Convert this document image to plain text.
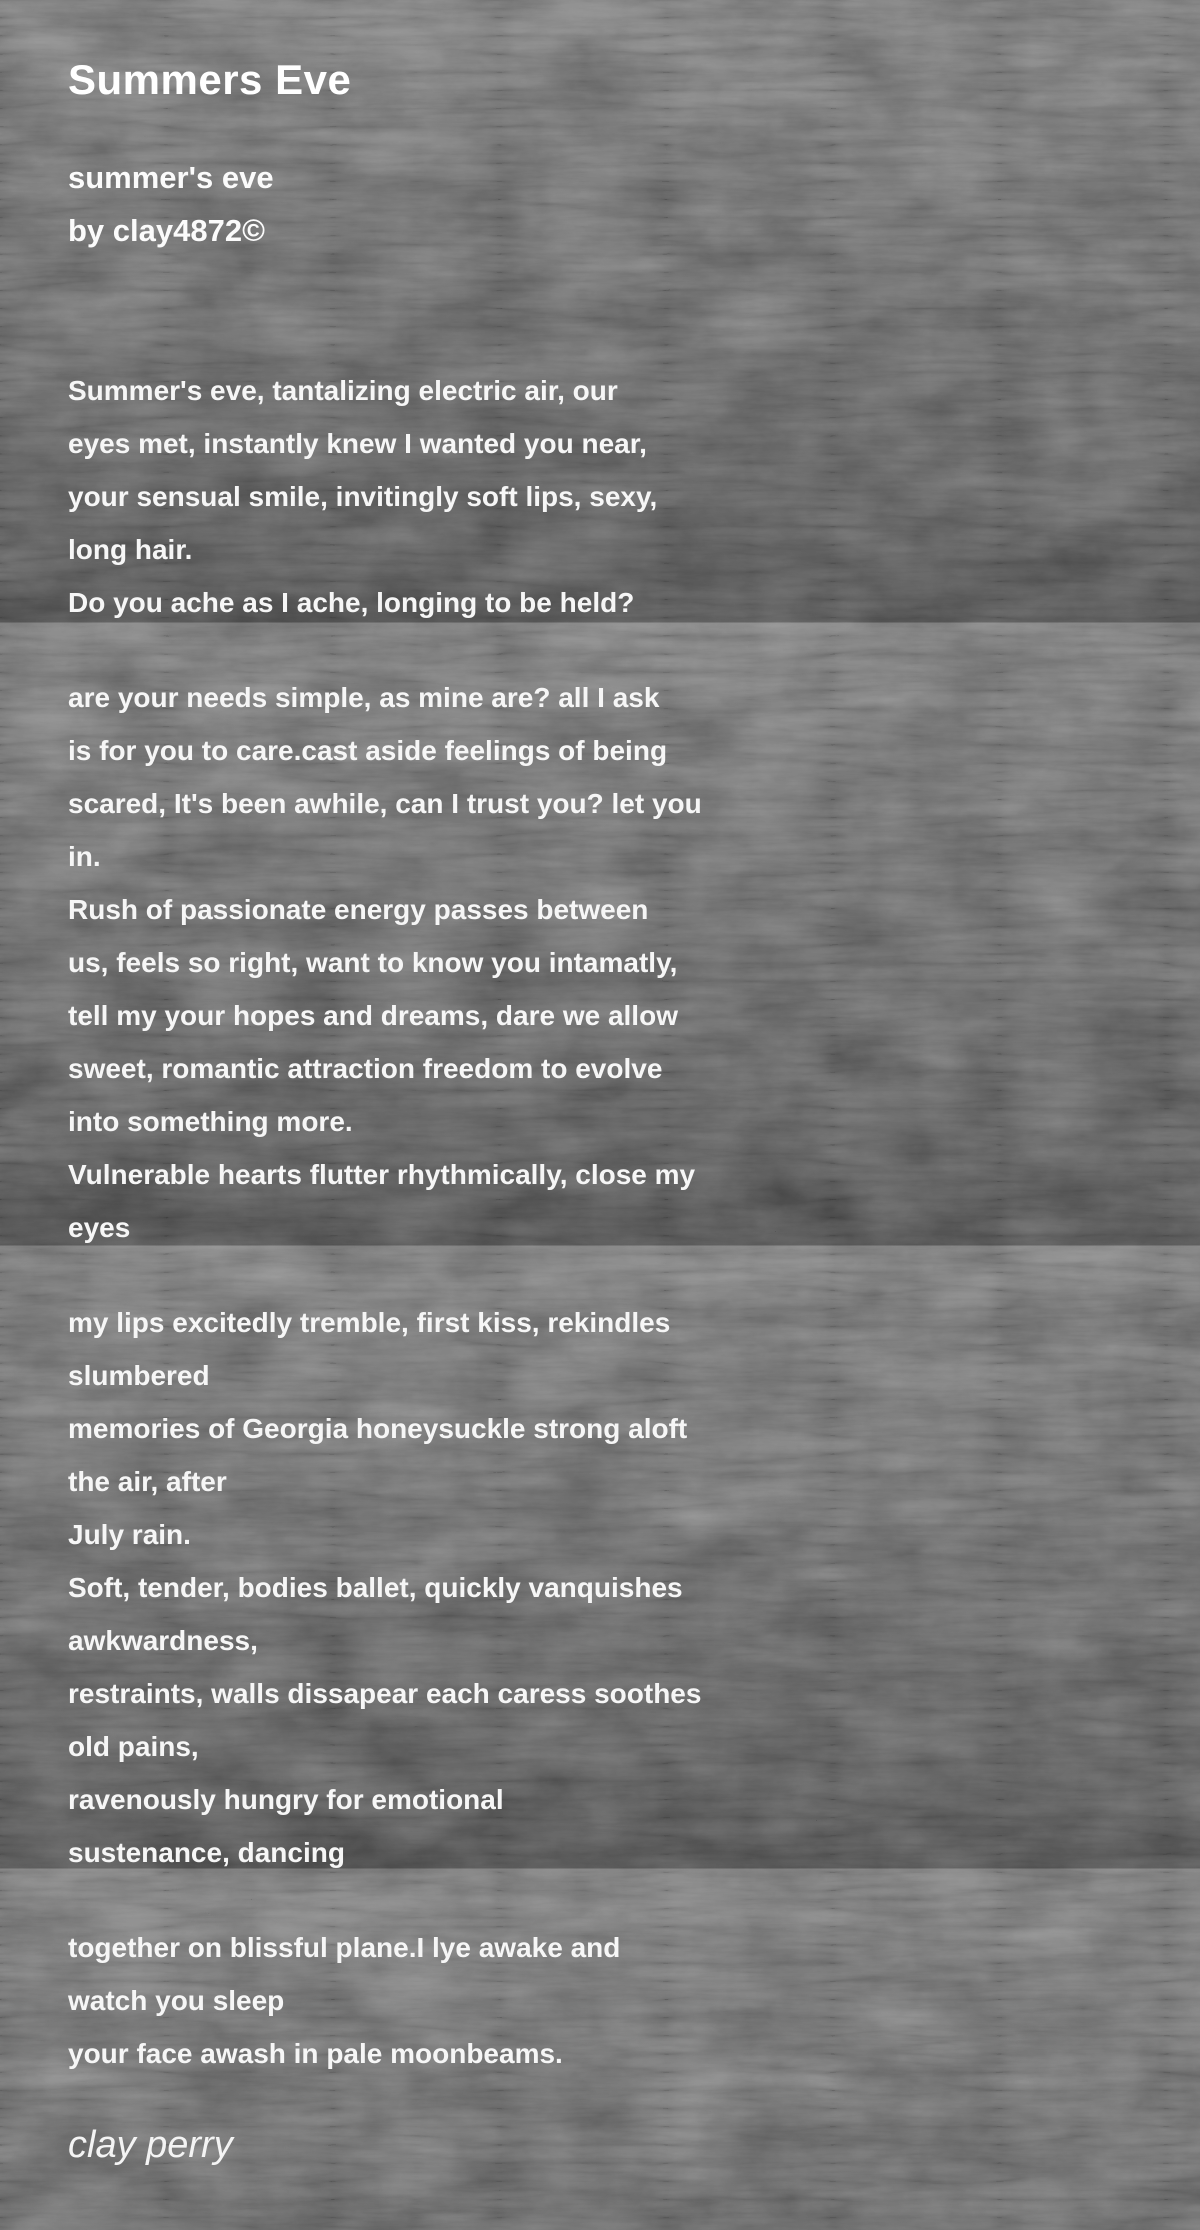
Summers Eve
summer's eve
by clay4872©

Summer's eve, tantalizing electric air, our
eyes met, instantly knew I wanted you near,
your sensual smile, invitingly soft lips, sexy,
long hair.
Do you ache as I ache, longing to be held?

are your needs simple, as mine are? all I ask
is for you to care.cast aside feelings of being
scared, It's been awhile, can I trust you? let you
in.
Rush of passionate energy passes between
us, feels so right, want to know you intamatly,
tell my your hopes and dreams, dare we allow
sweet, romantic attraction freedom to evolve
into something more.
Vulnerable hearts flutter rhythmically, close my
eyes

my lips excitedly tremble, first kiss, rekindles
slumbered
memories of Georgia honeysuckle strong aloft
the air, after
July rain.
Soft, tender, bodies ballet, quickly vanquishes
awkwardness,
restraints, walls dissapear each caress soothes
old pains,
ravenously hungry for emotional
sustenance, dancing

together on blissful plane.I lye awake and
watch you sleep
your face awash in pale moonbeams.

clay perry
